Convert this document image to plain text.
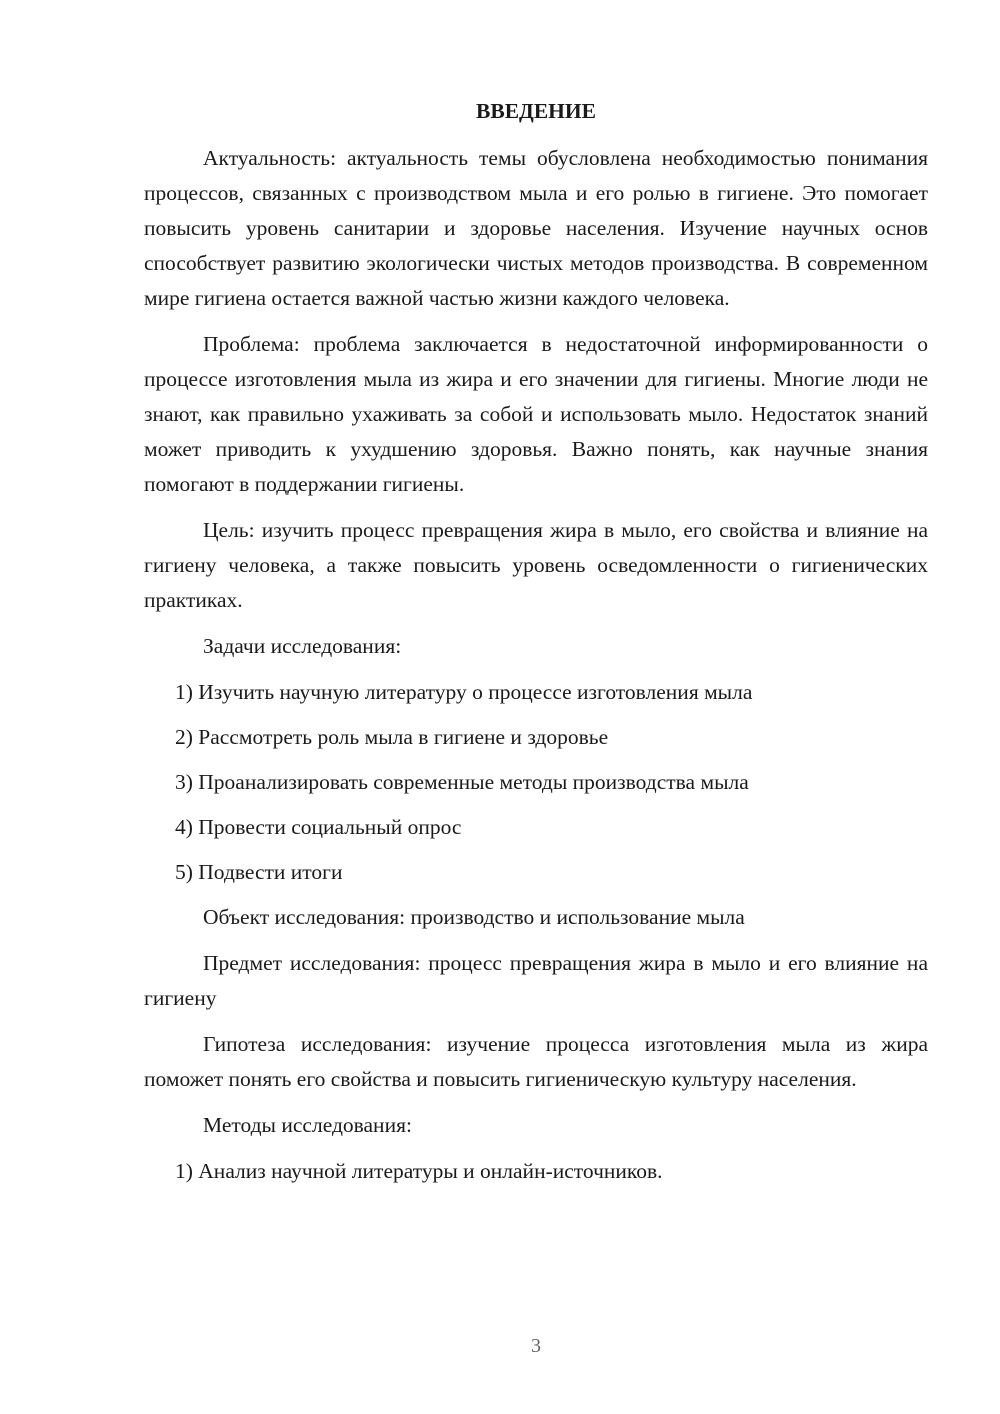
ВВЕДЕНИЕ

Актуальность: актуальность темы обусловлена необходимостью понимания процессов, связанных с производством мыла и его ролью в гигиене. Это помогает повысить уровень санитарии и здоровье населения. Изучение научных основ способствует развитию экологически чистых методов производства. В современном мире гигиена остается важной частью жизни каждого человека.

Проблема: проблема заключается в недостаточной информированности о процессе изготовления мыла из жира и его значении для гигиены. Многие люди не знают, как правильно ухаживать за собой и использовать мыло. Недостаток знаний может приводить к ухудшению здоровья. Важно понять, как научные знания помогают в поддержании гигиены.

Цель: изучить процесс превращения жира в мыло, его свойства и влияние на гигиену человека, а также повысить уровень осведомленности о гигиенических практиках.

Задачи исследования:

1) Изучить научную литературу о процессе изготовления мыла

2) Рассмотреть роль мыла в гигиене и здоровье

3) Проанализировать современные методы производства мыла

4) Провести социальный опрос

5) Подвести итоги

Объект исследования: производство и использование мыла

Предмет исследования: процесс превращения жира в мыло и его влияние на гигиену

Гипотеза исследования: изучение процесса изготовления мыла из жира поможет понять его свойства и повысить гигиеническую культуру населения.

Методы исследования:

1) Анализ научной литературы и онлайн-источников.

3
